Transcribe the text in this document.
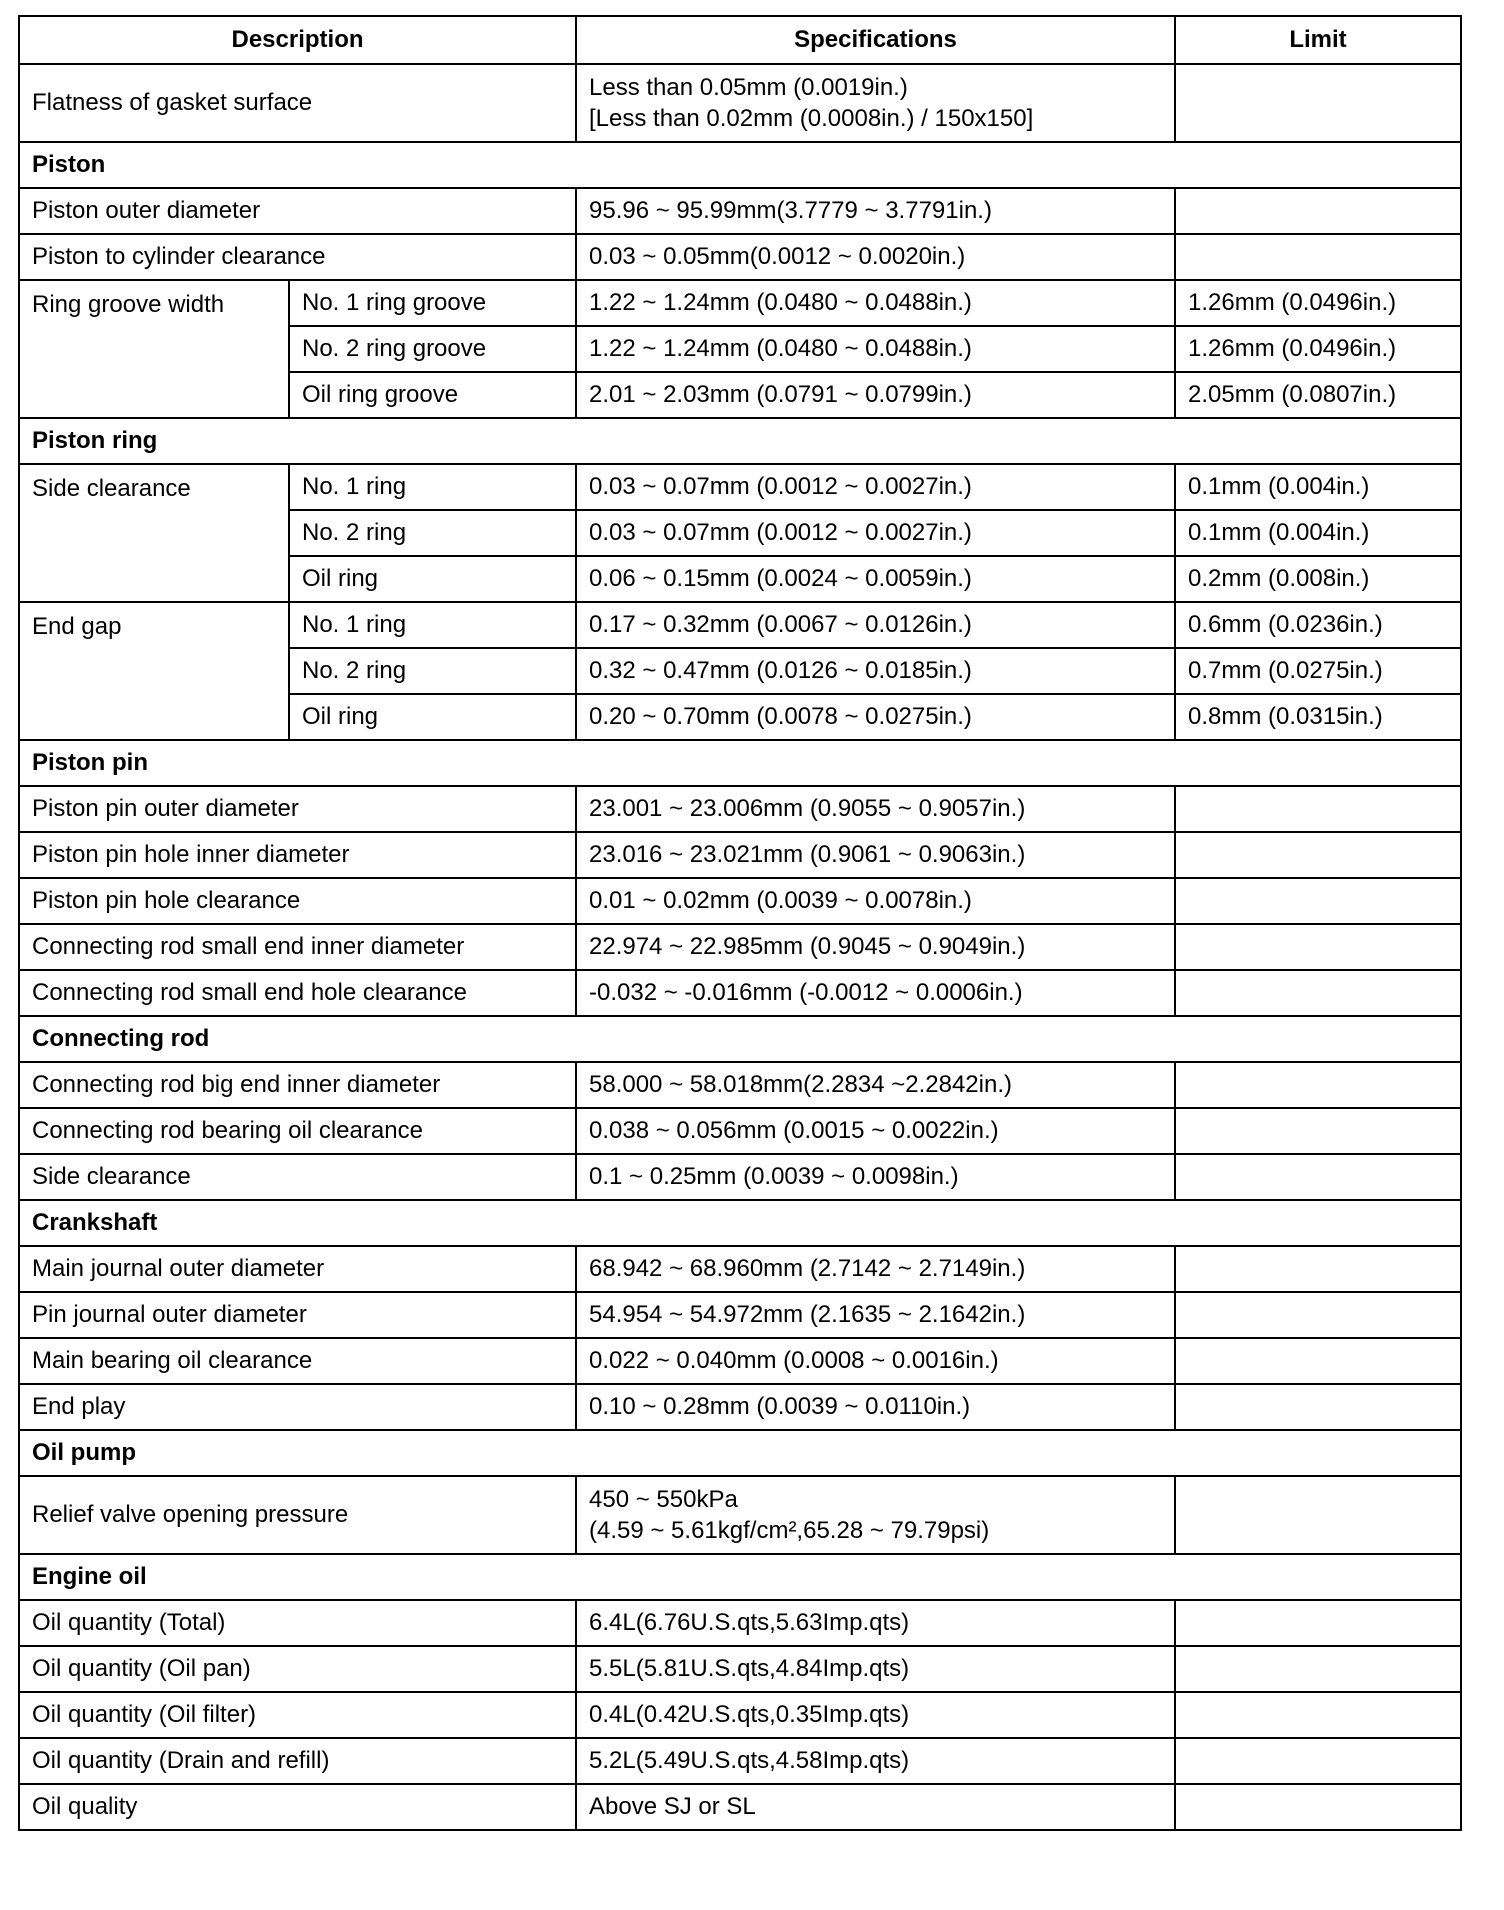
Description		Specifications	Limit
Flatness of gasket surface		Less than 0.05mm (0.0019in.)
[Less than 0.02mm (0.0008in.) / 150x150]	

Piston			
Piston outer diameter		95.96 ~ 95.99mm(3.7779 ~ 3.7791in.)	
Piston to cylinder clearance		0.03 ~ 0.05mm(0.0012 ~ 0.0020in.)	
Ring groove width	No. 1 ring groove	1.22 ~ 1.24mm (0.0480 ~ 0.0488in.)	1.26mm (0.0496in.)
	No. 2 ring groove	1.22 ~ 1.24mm (0.0480 ~ 0.0488in.)	1.26mm (0.0496in.)
	Oil ring groove	2.01 ~ 2.03mm (0.0791 ~ 0.0799in.)	2.05mm (0.0807in.)
Piston ring			
Side clearance	No. 1 ring	0.03 ~ 0.07mm (0.0012 ~ 0.0027in.)	0.1mm (0.004in.)
	No. 2 ring	0.03 ~ 0.07mm (0.0012 ~ 0.0027in.)	0.1mm (0.004in.)
	Oil ring	0.06 ~ 0.15mm (0.0024 ~ 0.0059in.)	0.2mm (0.008in.)
End gap	No. 1 ring	0.17 ~ 0.32mm (0.0067 ~ 0.0126in.)	0.6mm (0.0236in.)
	No. 2 ring	0.32 ~ 0.47mm (0.0126 ~ 0.0185in.)	0.7mm (0.0275in.)
	Oil ring	0.20 ~ 0.70mm (0.0078 ~ 0.0275in.)	0.8mm (0.0315in.)
Piston pin			
Piston pin outer diameter		23.001 ~ 23.006mm (0.9055 ~ 0.9057in.)	
Piston pin hole inner diameter		23.016 ~ 23.021mm (0.9061 ~ 0.9063in.)	
Piston pin hole clearance		0.01 ~ 0.02mm (0.0039 ~ 0.0078in.)	
Connecting rod small end inner diameter		22.974 ~ 22.985mm (0.9045 ~ 0.9049in.)	
Connecting rod small end hole clearance		-0.032 ~ -0.016mm (-0.0012 ~ 0.0006in.)	
Connecting rod			
Connecting rod big end inner diameter		58.000 ~ 58.018mm(2.2834 ~2.2842in.)	
Connecting rod bearing oil clearance		0.038 ~ 0.056mm (0.0015 ~ 0.0022in.)	
Side clearance		0.1 ~ 0.25mm (0.0039 ~ 0.0098in.)	
Crankshaft			
Main journal outer diameter		68.942 ~ 68.960mm (2.7142 ~ 2.7149in.)	
Pin journal outer diameter		54.954 ~ 54.972mm (2.1635 ~ 2.1642in.)	
Main bearing oil clearance		0.022 ~ 0.040mm (0.0008 ~ 0.0016in.)	
End play		0.10 ~ 0.28mm (0.0039 ~ 0.0110in.)	
Oil pump			
Relief valve opening pressure		450 ~ 550kPa
(4.59 ~ 5.61kgf/cm²,65.28 ~ 79.79psi)	

Engine oil			
Oil quantity (Total)		6.4L(6.76U.S.qts,5.63Imp.qts)	
Oil quantity (Oil pan)		5.5L(5.81U.S.qts,4.84Imp.qts)	
Oil quantity (Oil filter)		0.4L(0.42U.S.qts,0.35Imp.qts)	
Oil quantity (Drain and refill)		5.2L(5.49U.S.qts,4.58Imp.qts)	
Oil quality		Above SJ or SL	
